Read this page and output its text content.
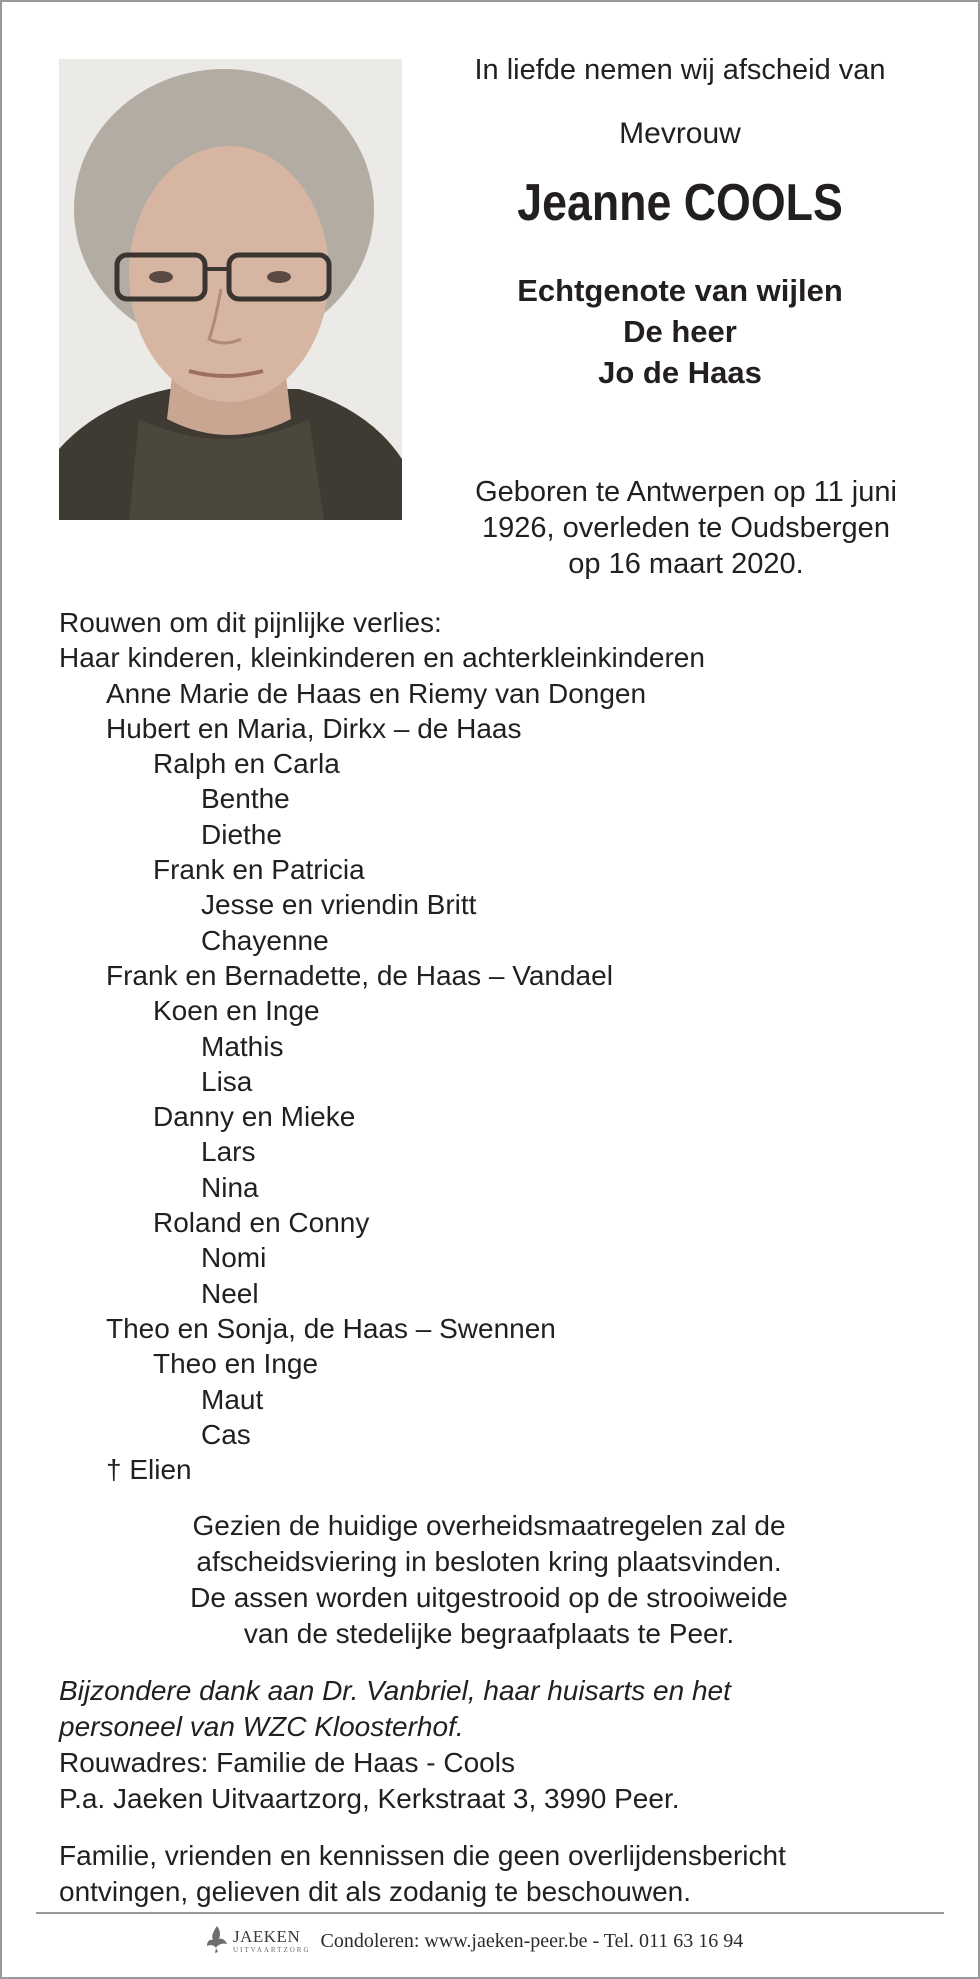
In liefde nemen wij afscheid van

Mevrouw

Jeanne COOLS

Echtgenote van wijlen
De heer
Jo de Haas
Geboren te Antwerpen op 11 juni
1926, overleden te Oudsbergen
op 16 maart 2020.
Rouwen om dit pijnlijke verlies:
Haar kinderen, kleinkinderen en achterkleinkinderen
Anne Marie de Haas en Riemy van Dongen
Hubert en Maria, Dirkx – de Haas
Ralph en Carla
Benthe
Diethe
Frank en Patricia
Jesse en vriendin Britt
Chayenne
Frank en Bernadette, de Haas – Vandael
Koen en Inge
Mathis
Lisa
Danny en Mieke
Lars
Nina
Roland en Conny
Nomi
Neel
Theo en Sonja, de Haas – Swennen
Theo en Inge
Maut
Cas
† Elien
Gezien de huidige overheidsmaatregelen zal de
afscheidsviering in besloten kring plaatsvinden.
De assen worden uitgestrooid op de strooiweide
van de stedelijke begraafplaats te Peer.
Bijzondere dank aan Dr. Vanbriel, haar huisarts en het
personeel van WZC Kloosterhof.
Rouwadres: Familie de Haas - Cools
P.a. Jaeken Uitvaartzorg, Kerkstraat 3, 3990 Peer.
Familie, vrienden en kennissen die geen overlijdensbericht
ontvingen, gelieven dit als zodanig te beschouwen.
JAEKEN
UITVAARTZORG Condoleren: www.jaeken-peer.be - Tel. 011 63 16 94
